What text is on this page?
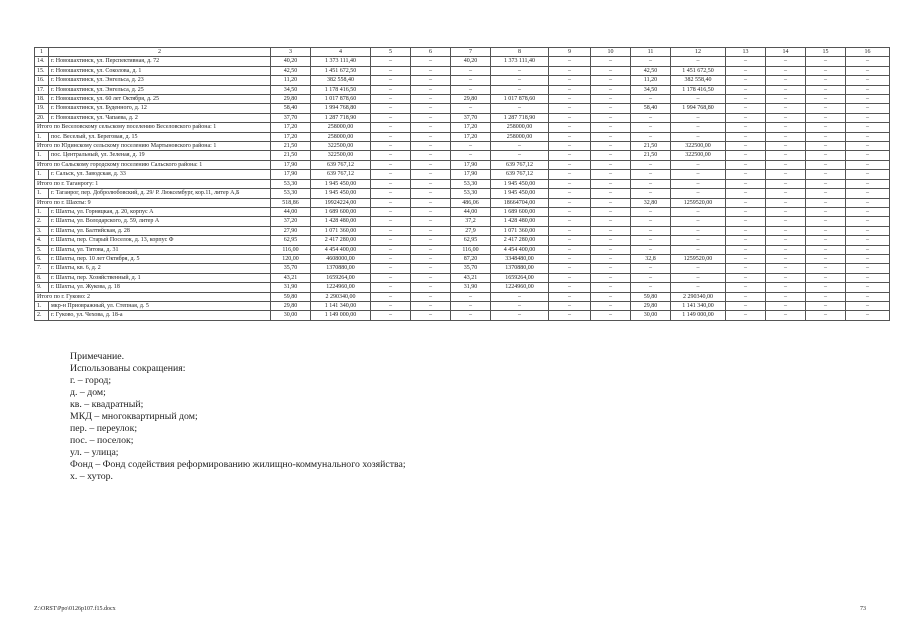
1	2	3	4	5	6	7	8	9	10	11	12	13	14	15	16
14.	г. Новошахтинск, ул. Перспективная, д. 72	40,20	1 373 111,40	–	–	40,20	1 373 111,40	–	–	–	–	–	–	–	–
15.	г. Новошахтинск, ул. Соколова, д. 1	42,50	1 451 672,50	–	–	–	–	–	–	42,50	1 451 672,50	–	–	–	–
16.	г. Новошахтинск, ул. Энгельса, д. 23	11,20	382 558,40	–	–	–	–	–	–	11,20	382 558,40	–	–	–	–
17.	г. Новошахтинск, ул. Энгельса, д. 25	34,50	1 178 416,50	–	–	–	–	–	–	34,50	1 178 416,50	–	–	–	–
18.	г. Новошахтинск, ул. 60 лет Октября, д. 25	29,80	1 017 878,60	–	–	29,80	1 017 878,60	–	–	–	–	–	–	–	–
19.	г. Новошахтинск, ул. Буденного, д. 12	58,40	1 994 768,80	–	–	–	–	–	–	58,40	1 994 768,80	–	–	–	–
20.	г. Новошахтинск, ул. Чапаева, д. 2	37,70	1 287 718,90	–	–	37,70	1 287 718,90	–	–	–	–	–	–	–	–
Итого по Веселовскому сельскому поселению Веселовского района: 1		17,20	258000,00	–	–	17,20	258000,00	–	–	–	–	–	–	–	–
1.	пос. Веселый, ул. Береговая, д. 15	17,20	258000,00	–	–	17,20	258000,00	–	–	–	–	–	–	–	–
Итого по Юдинскому сельскому поселению Мартыновского района: 1		21,50	322500,00	–	–	–	–	–	–	21,50	322500,00	–	–	–	–
1.	пос. Центральный, ул. Зеленая, д. 19	21,50	322500,00	–	–	–	–	–	–	21,50	322500,00	–	–	–	–
Итого по Сальскому городскому поселению Сальского района: 1		17,90	639 767,12	–	–	17,90	639 767,12	–	–	–	–	–	–	–	–
1.	г. Сальск, ул. Заводская, д. 33	17,90	639 767,12	–	–	17,90	639 767,12	–	–	–	–	–	–	–	–
Итого по г. Таганрогу: 1		53,30	1 945 450,00	–	–	53,30	1 945 450,00	–	–	–	–	–	–	–	–
1.	г. Таганрог, пер. Добролюбовский, д. 29/ Р. Люксембург, кор.11, литер А,Б	53,30	1 945 450,00	–	–	53,30	1 945 450,00	–	–	–	–	–	–	–	–
Итого по г. Шахты: 9		518,86	19924224,00	–	–	486,06	18664704,00	–	–	32,80	1259520,00	–	–	–	–
1.	г. Шахты, ул. Горняцкая, д. 20, корпус А	44,00	1 689 600,00	–	–	44,00	1 689 600,00	–	–	–	–	–	–	–	–
2.	г. Шахты, ул. Володарского, д. 59, литер А	37,20	1 428 480,00	–	–	37,2	1 428 480,00	–	–	–	–	–	–	–	–
3.	г. Шахты, ул. Балтийская, д. 28	27,90	1 071 360,00	–	–	27,9	1 071 360,00	–	–	–	–	–	–	–	–
4.	г. Шахты, пер. Старый Поселок, д. 13, корпус Ф	62,95	2 417 280,00	–	–	62,95	2 417 280,00	–	–	–	–	–	–	–	–
5.	г. Шахты, ул. Титова, д. 31	116,00	4 454 400,00	–	–	116,00	4 454 400,00	–	–	–	–	–	–	–	–
6.	г. Шахты, пер. 10 лет Октября, д. 5	120,00	4608000,00	–	–	87,20	3348480,00	–	–	32,8	1259520,00	–	–	–	–
7.	г. Шахты, кв. 6, д. 2	35,70	1370880,00	–	–	35,70	1370880,00	–	–	–	–	–	–	–	–
8.	г. Шахты, пер. Хозяйственный, д. 1	43,21	1659264,00	–	–	43,21	1659264,00	–	–	–	–	–	–	–	–
9.	г. Шахты, ул. Жукова, д. 18	31,90	1224960,00	–	–	31,90	1224960,00	–	–	–	–	–	–	–	–
Итого по г. Гуково: 2		59,80	2 290340,00	–	–	–	–	–	–	59,80	2 290340,00	–	–	–	–
1.	мкр-н Приовражный, ул. Степная, д. 5	29,80	1 141 340,00	–	–	–	–	–	–	29,80	1 141 340,00	–	–	–	–
2.	г. Гуково, ул. Чехова, д. 18-а	30,00	1 149 000,00	–	–	–	–	–	–	30,00	1 149 000,00	–	–	–	–
Примечание.
Использованы сокращения:
г. – город;
д. – дом;
кв. – квадратный;
МКД – многоквартирный дом;
пер. – переулок;
пос. – поселок;
ул. – улица;
Фонд – Фонд содействия реформированию жилищно-коммунального хозяйства;
х. – хутор.
Z:\ORST\Ppo\0126p107.f15.docx	73
